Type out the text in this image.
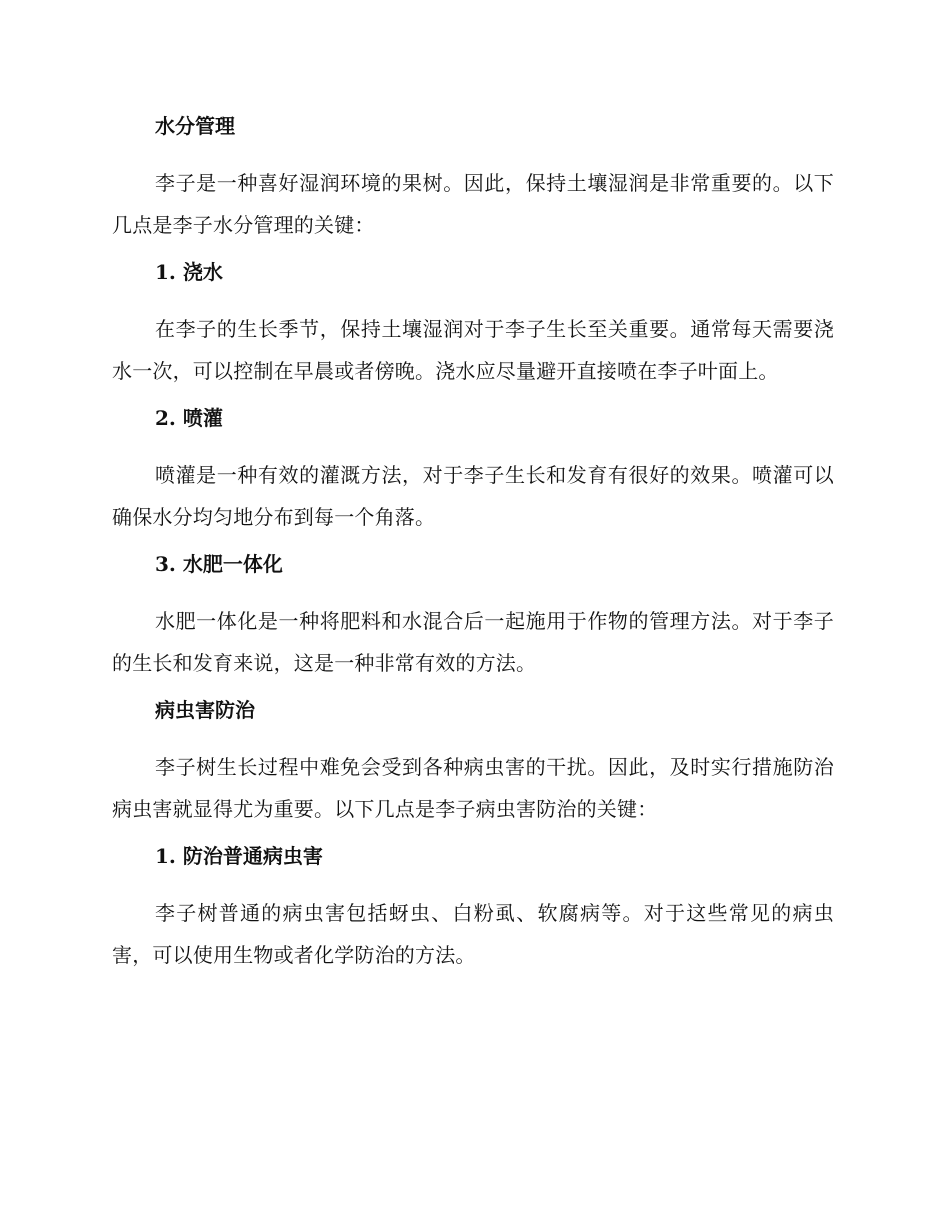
水分管理

李子是一种喜好湿润环境的果树。因此，保持土壤湿润是非常重要的。以下几点是李子水分管理的关键：

1. 浇水

在李子的生长季节，保持土壤湿润对于李子生长至关重要。通常每天需要浇水一次，可以控制在早晨或者傍晚。浇水应尽量避开直接喷在李子叶面上。

2. 喷灌

喷灌是一种有效的灌溉方法，对于李子生长和发育有很好的效果。喷灌可以确保水分均匀地分布到每一个角落。

3. 水肥一体化

水肥一体化是一种将肥料和水混合后一起施用于作物的管理方法。对于李子的生长和发育来说，这是一种非常有效的方法。

病虫害防治

李子树生长过程中难免会受到各种病虫害的干扰。因此，及时实行措施防治病虫害就显得尤为重要。以下几点是李子病虫害防治的关键：

1. 防治普通病虫害

李子树普通的病虫害包括蚜虫、白粉虱、软腐病等。对于这些常见的病虫害，可以使用生物或者化学防治的方法。
